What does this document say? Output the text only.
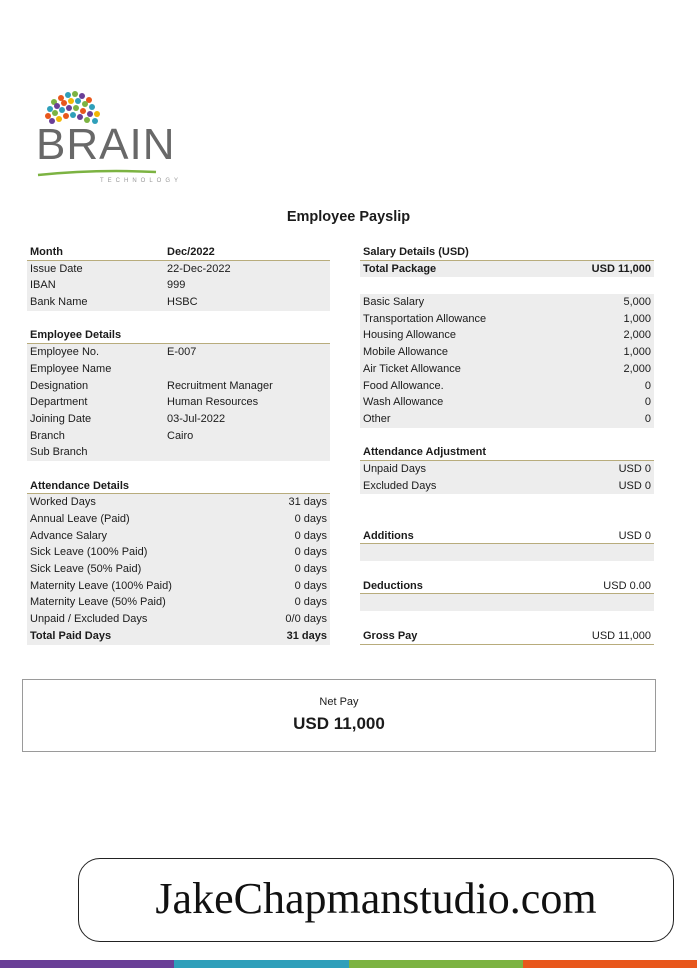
BRAIN
TECHNOLOGY
Employee Payslip
Month	Dec/2022
Issue Date	22-Dec-2022
IBAN	999
Bank Name	HSBC
Employee Details
Employee No.	E-007
Employee Name
Designation	Recruitment Manager
Department	Human Resources
Joining Date	03-Jul-2022
Branch	Cairo
Sub Branch
Attendance Details
Worked Days	31 days
Annual Leave (Paid)	0 days
Advance Salary	0 days
Sick Leave (100% Paid)	0 days
Sick Leave (50% Paid)	0 days
Maternity Leave (100% Paid)	0 days
Maternity Leave (50% Paid)	0 days
Unpaid / Excluded Days	0/0 days
Total Paid Days	31 days
Salary Details (USD)
Total Package	USD 11,000
Basic Salary	5,000
Transportation Allowance	1,000
Housing Allowance	2,000
Mobile Allowance	1,000
Air Ticket Allowance	2,000
Food Allowance.	0
Wash Allowance	0
Other	0
Attendance Adjustment
Unpaid Days	USD 0
Excluded Days	USD 0
Additions	USD 0
Deductions	USD 0.00
Gross Pay	USD 11,000
Net Pay
USD 11,000
JakeChapmanstudio.com
